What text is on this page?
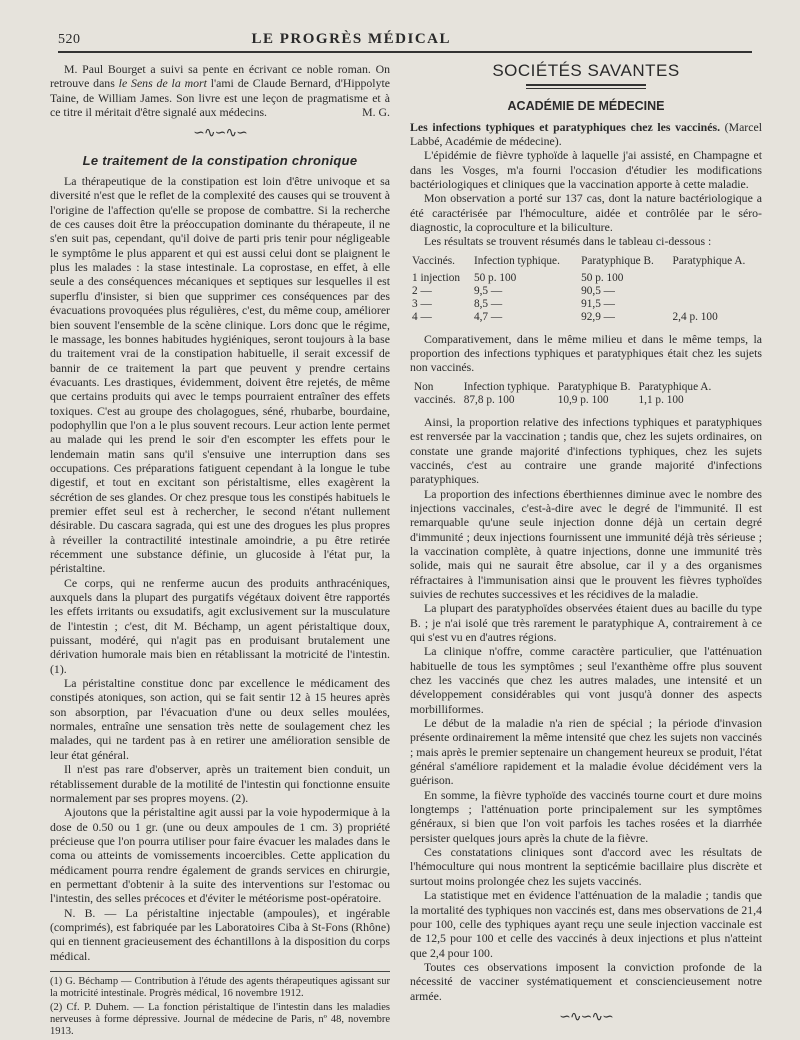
520	LE PROGRÈS MÉDICAL

M. Paul Bourget a suivi sa pente en écrivant ce noble roman. On retrouve dans le Sens de la mort l'ami de Claude Bernard, d'Hippolyte Taine, de William James. Son livre est une leçon de pragmatisme et à ce titre il méritait d'être signalé aux médecins.	M. G.

∽∿∽∿∽
Le traitement de la constipation chronique

La thérapeutique de la constipation est loin d'être univoque et sa diversité n'est que le reflet de la complexité des causes qui se trouvent à l'origine de l'affection qu'elle se propose de combattre. Si la recherche de ces causes doit être la préoccupation dominante du thérapeute, il ne s'en suit pas, cependant, qu'il doive de parti pris tenir pour négligeable le symptôme le plus apparent et qui est aussi celui dont se plaignent le plus les malades : la stase intestinale. La coprostase, en effet, à elle seule a des conséquences mécaniques et septiques sur lesquelles il est superflu d'insister, si bien que supprimer ces conséquences par des évacuations provoquées plus régulières, c'est, du même coup, améliorer bien souvent l'ensemble de la scène clinique. Lors donc que le régime, le massage, les bonnes habitudes hygiéniques, seront toujours à la base du traitement vrai de la constipation habituelle, il serait excessif de bannir de ce traitement la part que peuvent y prendre certains évacuants. Les drastiques, évidemment, doivent être rejetés, de même que certains produits qui avec le temps pourraient entraîner des effets toxiques. C'est au groupe des cholagogues, séné, rhubarbe, bourdaine, podophyllin que l'on a le plus souvent recours. Leur action lente permet au malade qui les prend le soir d'en escompter les effets pour le lendemain matin sans qu'il s'ensuive une interruption dans ses occupations. Ces préparations fatiguent cependant à la longue le tube digestif, et tout en excitant son péristaltisme, elles exagèrent la sécrétion de ses glandes. Or chez presque tous les constipés habituels le premier effet seul est à rechercher, le second n'étant nullement désirable. Du cascara sagrada, qui est une des drogues les plus propres à réveiller la contractilité intestinale amoindrie, a pu être retirée récemment une substance définie, un glucoside à l'état pur, la péristaltine.

Ce corps, qui ne renferme aucun des produits anthracéniques, auxquels dans la plupart des purgatifs végétaux doivent être rapportés les effets irritants ou exsudatifs, agit exclusivement sur la musculature de l'intestin ; c'est, dit M. Béchamp, un agent péristaltique doux, puissant, modéré, qui n'agit pas en produisant brutalement une dérivation humorale mais bien en rétablissant la motricité de l'intestin. (1).

La péristaltine constitue donc par excellence le médicament des constipés atoniques, son action, qui se fait sentir 12 à 15 heures après son absorption, par l'évacuation d'une ou deux selles moulées, normales, entraîne une sensation très nette de soulagement chez les malades, qui ne tardent pas à en retirer une amélioration sensible de leur état général.

Il n'est pas rare d'observer, après un traitement bien conduit, un rétablissement durable de la motilité de l'intestin qui fonctionne ensuite normalement par ses propres moyens. (2).

Ajoutons que la péristaltine agit aussi par la voie hypodermique à la dose de 0.50 ou 1 gr. (une ou deux ampoules de 1 cm. 3) propriété précieuse que l'on pourra utiliser pour faire évacuer les malades dans le coma ou atteints de vomissements incoercibles. Cette application du médicament pourra rendre également de grands services en chirurgie, en permettant d'obtenir à la suite des interventions sur l'estomac ou l'intestin, des selles précoces et d'éviter le météorisme post-opératoire.

N. B. — La péristaltine injectable (ampoules), et ingérable (comprimés), est fabriquée par les Laboratoires Ciba à St-Fons (Rhône) qui en tiennent gracieusement des échantillons à la disposition du corps médical.

(1) G. Béchamp — Contribution à l'étude des agents thérapeutiques agissant sur la motricité intestinale. Progrès médical, 16 novembre 1912.

(2) Cf. P. Duhem. — La fonction péristaltique de l'intestin dans les maladies nerveuses à forme dépressive. Journal de médecine de Paris, nº 48, novembre 1913.

SOCIÉTÉS SAVANTES
ACADÉMIE DE MÉDECINE

Les infections typhiques et paratyphiques chez les vaccinés. (Marcel Labbé, Académie de médecine).

L'épidémie de fièvre typhoïde à laquelle j'ai assisté, en Champagne et dans les Vosges, m'a fourni l'occasion d'étudier les modifications bactériologiques et cliniques que la vaccination apporte à cette maladie.

Mon observation a porté sur 137 cas, dont la nature bactériologique a été caractérisée par l'hémoculture, aidée et contrôlée par le séro-diagnostic, la coproculture et la biliculture.

Les résultats se trouvent résumés dans le tableau ci-dessous :

Vaccinés.	Infection typhique.	Paratyphique B.	Paratyphique A.
1 injection	50 p. 100	50 p. 100	
2 —	9,5 —	90,5 —	
3 —	8,5 —	91,5 —	
4 —	4,7 —	92,9 —	2,4 p. 100

Comparativement, dans le même milieu et dans le même temps, la proportion des infections typhiques et paratyphiques était chez les sujets non vaccinés.

Non	Infection typhique.	Paratyphique B.	Paratyphique A.
vaccinés.	87,8 p. 100	10,9 p. 100	1,1 p. 100

Ainsi, la proportion relative des infections typhiques et paratyphiques est renversée par la vaccination ; tandis que, chez les sujets ordinaires, on constate une grande majorité d'infections typhiques, chez les sujets vaccinés, c'est au contraire une grande majorité d'infections paratyphiques.

La proportion des infections éberthiennes diminue avec le nombre des injections vaccinales, c'est-à-dire avec le degré de l'immunité. Il est remarquable qu'une seule injection donne déjà un certain degré d'immunité ; deux injections fournissent une immunité déjà très sérieuse ; la vaccination complète, à quatre injections, donne une immunité très solide, mais qui ne saurait être absolue, car il y a des organismes réfractaires à l'immunisation ainsi que le prouvent les fièvres typhoïdes suivies de rechutes successives et les récidives de la maladie.

La plupart des paratyphoïdes observées étaient dues au bacille du type B. ; je n'ai isolé que très rarement le paratyphique A, contrairement à ce qui s'est vu en d'autres régions.

La clinique n'offre, comme caractère particulier, que l'atténuation habituelle de tous les symptômes ; seul l'exanthème offre plus souvent chez les vaccinés que chez les autres malades, une intensité et un développement considérables qui vont jusqu'à donner des aspects morbilliformes.

Le début de la maladie n'a rien de spécial ; la période d'invasion présente ordinairement la même intensité que chez les sujets non vaccinés ; mais après le premier septenaire un changement heureux se produit, l'état général s'améliore rapidement et la maladie évolue décidément vers la guérison.

En somme, la fièvre typhoïde des vaccinés tourne court et dure moins longtemps ; l'atténuation porte principalement sur les symptômes généraux, si bien que l'on voit parfois les taches rosées et la diarrhée persister quelques jours après la chute de la fièvre.

Ces constatations cliniques sont d'accord avec les résultats de l'hémoculture qui nous montrent la septicémie bacillaire plus discrète et surtout moins prolongée chez les sujets vaccinés.

La statistique met en évidence l'atténuation de la maladie ; tandis que la mortalité des typhiques non vaccinés est, dans mes observations de 21,4 pour 100, celle des typhiques ayant reçu une seule injection vaccinale est de 12,5 pour 100 et celle des vaccinés à deux injections et plus n'atteint que 2,4 pour 100.

Toutes ces observations imposent la conviction profonde de la nécessité de vacciner systématiquement et consciencieusement notre armée.

∽∿∽∿∽
